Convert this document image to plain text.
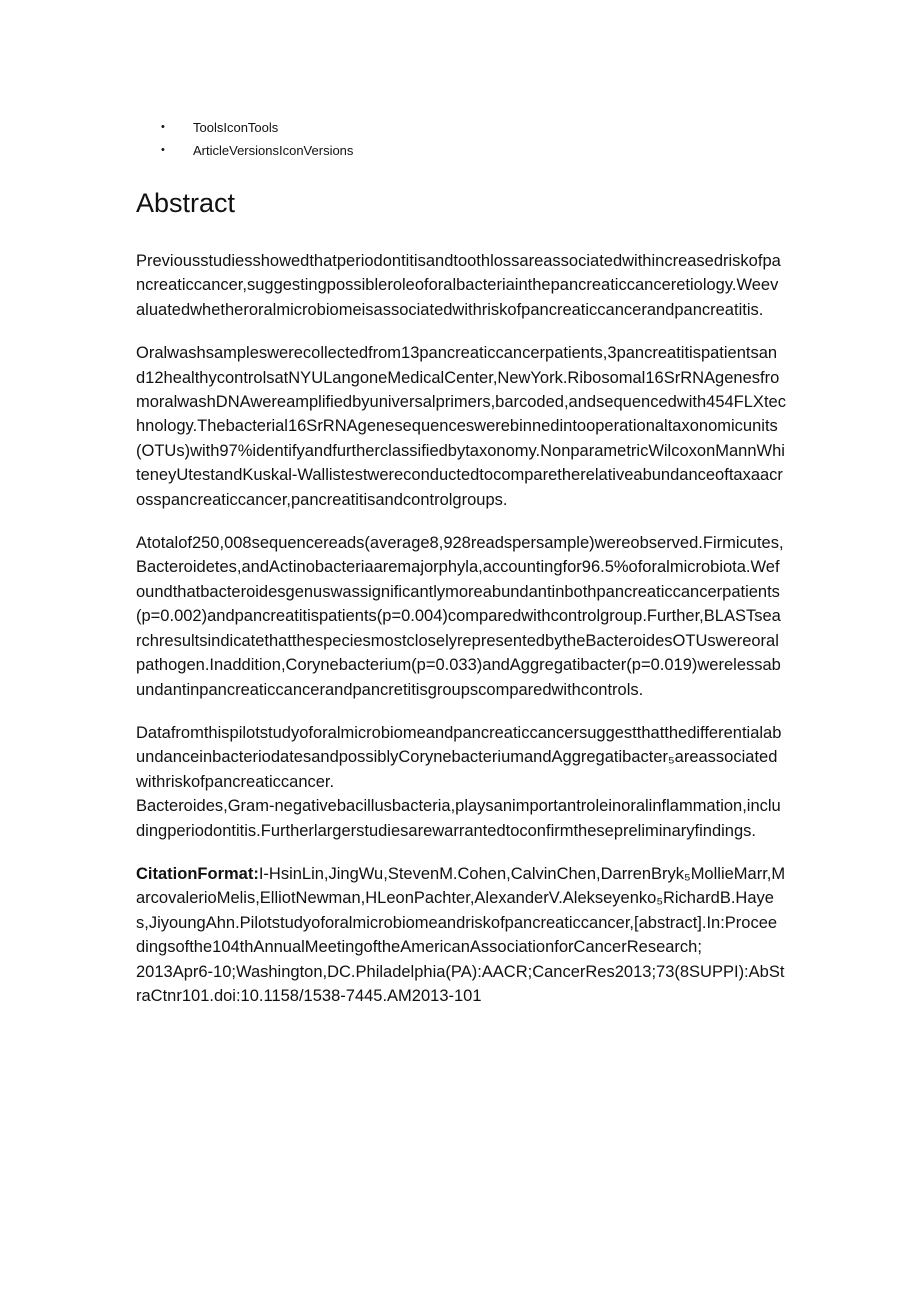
• ToolsIconTools
• ArticleVersionsIconVersions
Abstract

Previousstudiesshowedthatperiodontitisandtoothlossareassociatedwithincreasedriskofpancreaticcancer,suggestingpossibleroleoforalbacteriainthepancreaticcanceretiology.Weevaluatedwhetheroralmicrobiomeisassociatedwithriskofpancreaticcancerandpancreatitis.

Oralwashsampleswerecollectedfrom13pancreaticcancerpatients,3pancreatitispatientsand12healthycontrolsatNYULangoneMedicalCenter,NewYork.Ribosomal16SrRNAgenesfromoralwashDNAwereamplifiedbyuniversalprimers,barcoded,andsequencedwith454FLXtechnology.Thebacterial16SrRNAgenesequenceswerebinnedintooperationaltaxonomicunits(OTUs)with97%identifyandfurtherclassifiedbytaxonomy.NonparametricWilcoxonMannWhiteneyUtestandKuskal-Wallistestwereconductedtocomparetherelativeabundanceoftaxaacrosspancreaticcancer,pancreatitisandcontrolgroups.

Atotalof250,008sequencereads(average8,928readspersample)wereobserved.Firmicutes,Bacteroidetes,andActinobacteriaaremajorphyla,accountingfor96.5%oforalmicrobiota.Wefoundthatbacteroidesgenuswassignificantlymoreabundantinbothpancreaticcancerpatients(p=0.002)andpancreatitispatients(p=0.004)comparedwithcontrolgroup.Further,BLASTsearchresultsindicatethatthespeciesmostcloselyrepresentedbytheBacteroidesOTUswereoralpathogen.Inaddition,Corynebacterium(p=0.033)andAggregatibacter(p=0.019)werelessabundantinpancreaticcancerandpancretitisgroupscomparedwithcontrols.

DatafromthispilotstudyoforalmicrobiomeandpancreaticcancersuggestthatthedifferentialabundanceinbacteriodatesandpossiblyCorynebacteriumandAggregatibacter₅areassociatedwithriskofpancreaticcancer.

Bacteroides,Gram-negativebacillusbacteria,playsanimportantroleinoralinflammation,includingperiodontitis.Furtherlargerstudiesarewarrantedtoconfirmthesepreliminaryfindings.

CitationFormat:I-HsinLin,JingWu,StevenM.Cohen,CalvinChen,DarrenBryk₅MollieMarr,MarcovalerioMelis,ElliotNewman,HLeonPachter,AlexanderV.Alekseyenko₅RichardB.Hayes,JiyoungAhn.Pilotstudyoforalmicrobiomeandriskofpancreaticcancer,[abstract].In:Proceedingsofthe104thAnnualMeetingoftheAmericanAssociationforCancerResearch;

2013Apr6-10;Washington,DC.Philadelphia(PA):AACR;CancerRes2013;73(8SUPPI):AbStraCtnr101.doi:10.1158/1538-7445.AM2013-101
